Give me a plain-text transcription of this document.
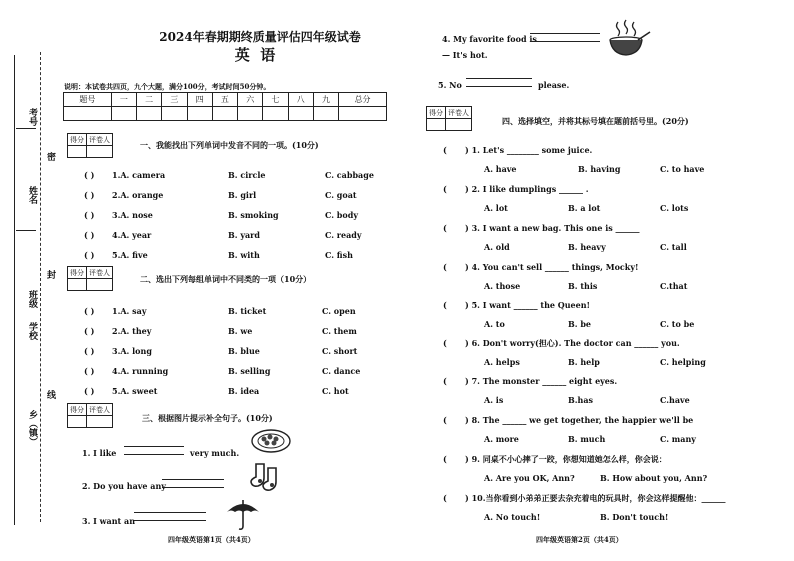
考号
密
姓名
封
班级
学校
线
乡（镇）
2024年春期期终质量评估四年级试卷
英  语
说明：本试卷共四页，九个大题，满分100分，考试时间50分钟。
题号	一	二	三	四	五	六	七	八	九	总分

得分	评卷人

一、我能找出下列单词中发音不同的一项。(10分)
( ) 1.A. camera	B. circle	C. cabbage
( ) 2.A. orange	B. girl	C. goat
( ) 3.A. nose	B. smoking	C. body
( ) 4.A. year	B. yard	C. ready
( ) 5.A. five	B. with	C. fish
得分	评卷人

二、选出下列每组单词中不同类的一项（10分）
( ) 1.A. say	B. ticket	C. open
( ) 2.A. they	B. we	C. them
( ) 3.A. long	B. blue	C. short
( ) 4.A. running	B. selling	C. dance
( ) 5.A. sweet	B. idea	C. hot
得分	评卷人

三、根据图片提示补全句子。(10分)
1. I like	very much.
2. Do you have any
3. I want an
四年级英语第1页（共4页）
4. My favorite food is
— It's hot.
5. No	please.
得分	评卷人

四、选择填空，并将其标号填在题前括号里。(20分)
( ) 1. Let's ________ some juice.
A. have	B. having	C. to have
( ) 2. I like dumplings ______ .
A. lot	B. a lot	C. lots
( ) 3. I want a new bag. This one is ______
A. old	B. heavy	C. tall
( ) 4. You can't sell ______ things, Mocky!
A. those	B. this	C.that
( ) 5. I want ______ the Queen!
A. to	B. be	C. to be
( ) 6. Don't worry(担心). The doctor can ______ you.
A. helps	B. help	C. helping
( ) 7. The monster ______ eight eyes.
A. is	B.has	C.have
( ) 8. The ______ we get together, the happier we'll be
A. more	B. much	C. many
( ) 9. 同桌不小心摔了一跤，你想知道她怎么样，你会说：
A. Are you OK, Ann?	B. How about you, Ann?
( ) 10.当你看到小弟弟正要去杂充着电的玩具时，你会这样提醒他：______
A. No touch!	B. Don't touch!
四年级英语第2页（共4页）
